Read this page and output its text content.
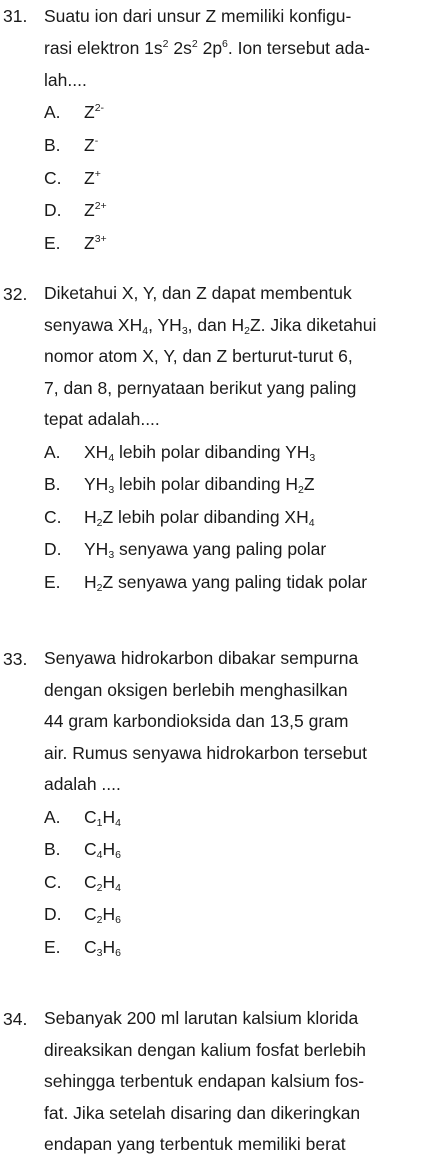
31. Suatu ion dari unsur Z memiliki konfigu-
rasi elektron $1s^2$ $2s^2$ $2p^6$. Ion tersebut ada-
lah....
A. $Z^{2-}$
B. Z-
C. Z+
D. $Z^{2+}$
E. $Z^{3+}$
32. Diketahui X, Y, dan Z dapat membentuk
senyawa $XH_4$, $YH_3$, dan $H_2Z$. Jika diketahui
nomor atom X, Y, dan Z berturut-turut 6,
7, dan 8, pernyataan berikut yang paling
tepat adalah....
A. $XH_4$ lebih polar dibanding $YH_3$
B. $YH_3$ lebih polar dibanding $H_2Z$
C. $H_2Z$ lebih polar dibanding $XH_4$
D. $YH_3$ senyawa yang paling polar
E. $H_2Z$ senyawa yang paling tidak polar
33. Senyawa hidrokarbon dibakar sempurna
dengan oksigen berlebih menghasilkan
44 gram karbondioksida dan 13,5 gram
air. Rumus senyawa hidrokarbon tersebut
adalah ....
A. $C_1H_4$
B. $C_4H_6$
C. $C_2H_4$
D. $C_2H_6$
E. $C_3H_6$
34. Sebanyak 200 ml larutan kalsium klorida
direaksikan dengan kalium fosfat berlebih
sehingga terbentuk endapan kalsium fos-
fat. Jika setelah disaring dan dikeringkan
endapan yang terbentuk memiliki berat
